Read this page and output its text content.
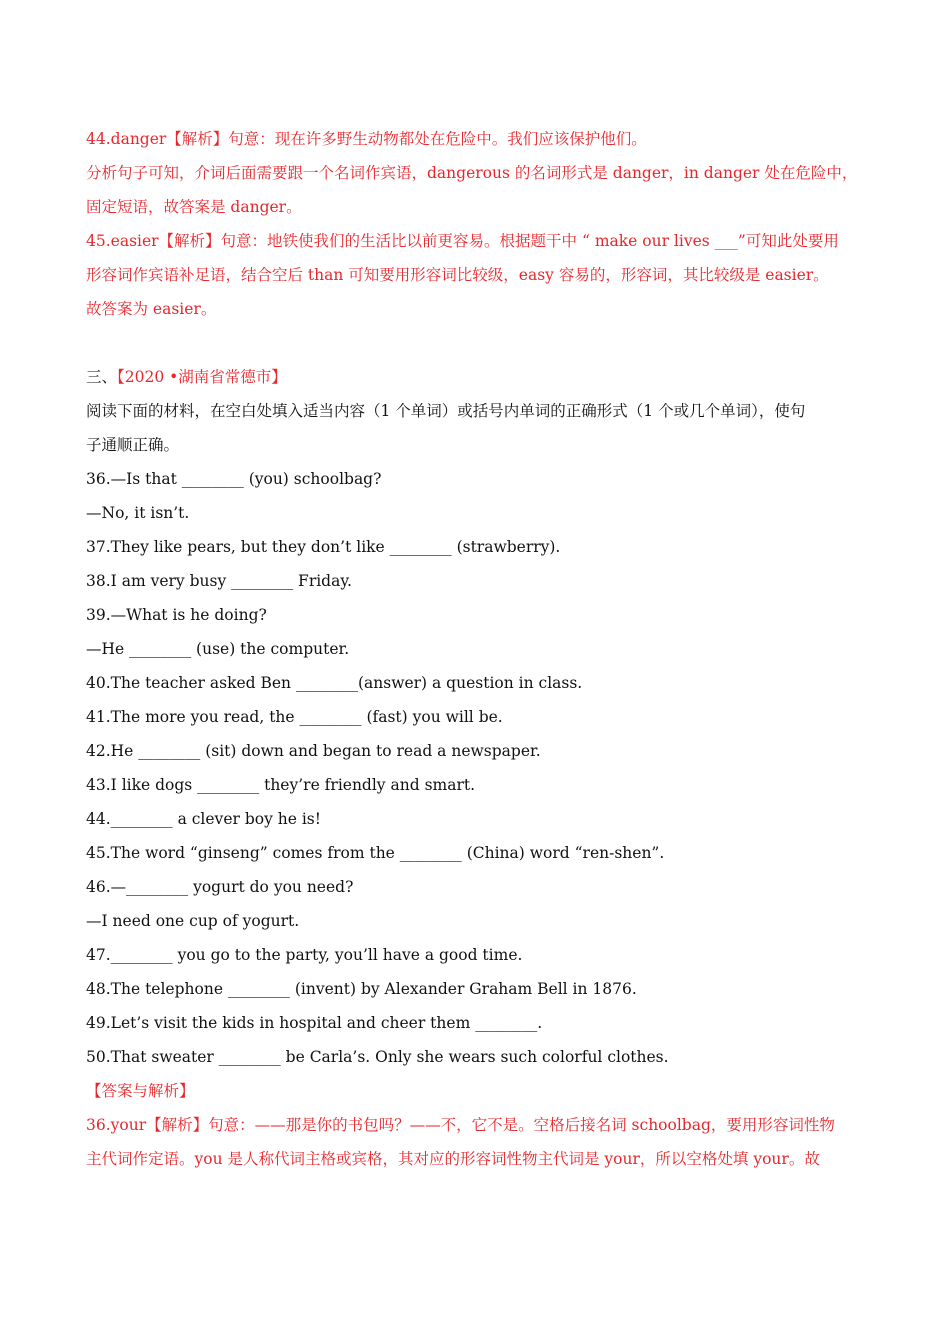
44.danger【解析】句意：现在许多野生动物都处在危险中。我们应该保护他们。

分析句子可知，介词后面需要跟一个名词作宾语，dangerous 的名词形式是 danger，in danger 处在危险中，

固定短语，故答案是 danger。

45.easier【解析】句意：地铁使我们的生活比以前更容易。根据题干中 “ make our lives ___”可知此处要用

形容词作宾语补足语，结合空后 than 可知要用形容词比较级，easy 容易的，形容词，其比较级是 easier。

故答案为 easier。

三、【2020 •湖南省常德市】

阅读下面的材料，在空白处填入适当内容（1 个单词）或括号内单词的正确形式（1 个或几个单词），使句

子通顺正确。

36.—Is that ________ (you) schoolbag?

—No, it isn’t.

37.They like pears, but they don’t like ________ (strawberry).

38.I am very busy ________ Friday.

39.—What is he doing?

—He ________ (use) the computer.

40.The teacher asked Ben ________(answer) a question in class.

41.The more you read, the ________ (fast) you will be.

42.He ________ (sit) down and began to read a newspaper.

43.I like dogs ________ they’re friendly and smart.

44.________ a clever boy he is!

45.The word “ginseng” comes from the ________ (China) word “ren-shen”.

46.—________ yogurt do you need?

—I need one cup of yogurt.

47.________ you go to the party, you’ll have a good time.

48.The telephone ________ (invent) by Alexander Graham Bell in 1876.

49.Let’s visit the kids in hospital and cheer them ________.

50.That sweater ________ be Carla’s. Only she wears such colorful clothes.

【答案与解析】

36.your【解析】句意：——那是你的书包吗？——不，它不是。空格后接名词 schoolbag，要用形容词性物

主代词作定语。you 是人称代词主格或宾格，其对应的形容词性物主代词是 your，所以空格处填 your。故
